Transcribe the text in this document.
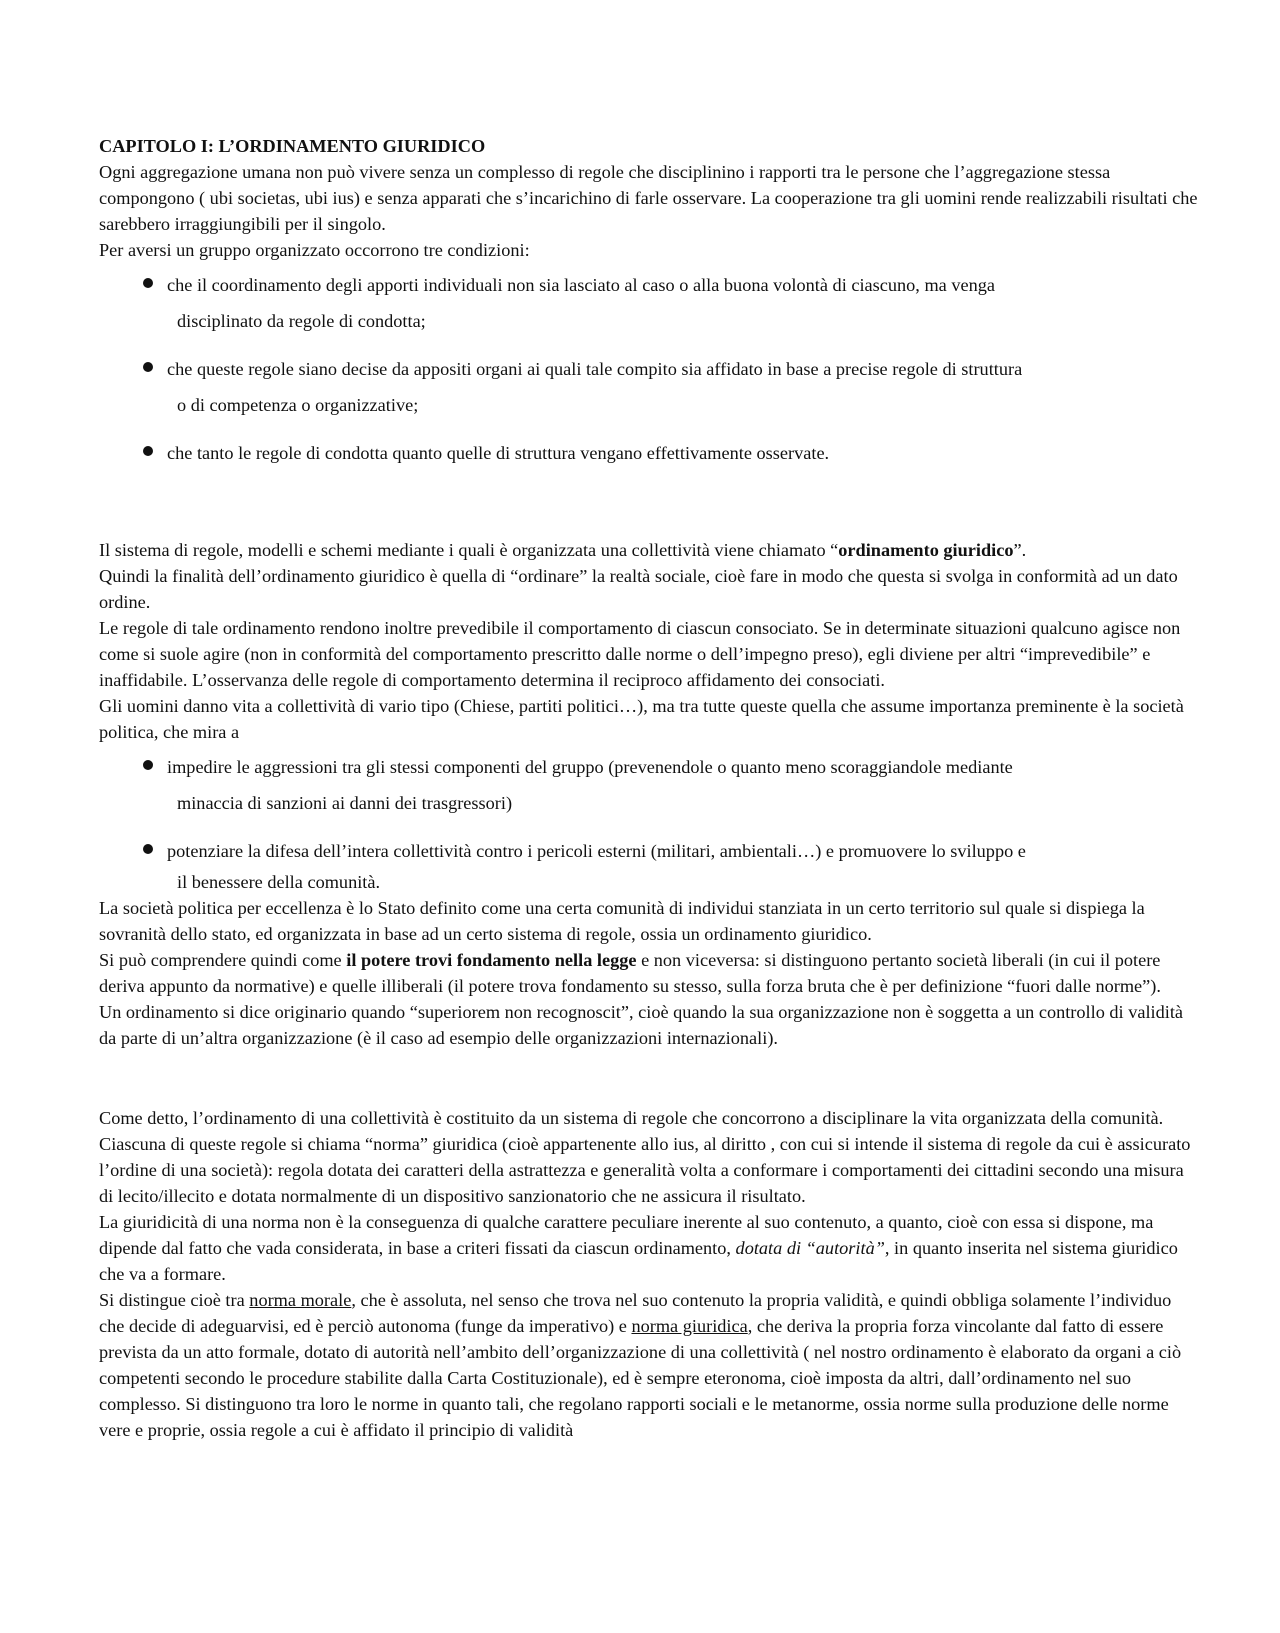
CAPITOLO I: L’ORDINAMENTO GIURIDICO

Ogni aggregazione umana non può vivere senza un complesso di regole che disciplinino i rapporti tra le persone che l’aggregazione stessa compongono ( ubi societas, ubi ius) e senza apparati che s’incarichino di farle osservare. La cooperazione tra gli uomini rende realizzabili risultati che sarebbero irraggiungibili per il singolo.

Per aversi un gruppo organizzato occorrono tre condizioni:

che il coordinamento degli apporti individuali non sia lasciato al caso o alla buona volontà di ciascuno, ma venga
disciplinato da regole di condotta;
che queste regole siano decise da appositi organi ai quali tale compito sia affidato in base a precise regole di struttura
o di competenza o organizzative;
che tanto le regole di condotta quanto quelle di struttura vengano effettivamente osservate.

Il sistema di regole, modelli e schemi mediante i quali è organizzata una collettività viene chiamato “ordinamento giuridico”.

Quindi la finalità dell’ordinamento giuridico è quella di “ordinare” la realtà sociale, cioè fare in modo che questa si svolga in conformità ad un dato ordine.

Le regole di tale ordinamento rendono inoltre prevedibile il comportamento di ciascun consociato. Se in determinate situazioni qualcuno agisce non come si suole agire (non in conformità del comportamento prescritto dalle norme o dell’impegno preso), egli diviene per altri “imprevedibile” e inaffidabile. L’osservanza delle regole di comportamento determina il reciproco affidamento dei consociati.

Gli uomini danno vita a collettività di vario tipo (Chiese, partiti politici…), ma tra tutte queste quella che assume importanza preminente è la società politica, che mira a

impedire le aggressioni tra gli stessi componenti del gruppo (prevenendole o quanto meno scoraggiandole mediante
minaccia di sanzioni ai danni dei trasgressori)
potenziare la difesa dell’intera collettività contro i pericoli esterni (militari, ambientali…) e promuovere lo sviluppo e
il benessere della comunità.

La società politica per eccellenza è lo Stato definito come una certa comunità di individui stanziata in un certo territorio sul quale si dispiega la sovranità dello stato, ed organizzata in base ad un certo sistema di regole, ossia un ordinamento giuridico.

Si può comprendere quindi come il potere trovi fondamento nella legge e non viceversa: si distinguono pertanto società liberali (in cui il potere deriva appunto da normative) e quelle illiberali (il potere trova fondamento su stesso, sulla forza bruta che è per definizione “fuori dalle norme”).

Un ordinamento si dice originario quando “superiorem non recognoscit”, cioè quando la sua organizzazione non è soggetta a un controllo di validità da parte di un’altra organizzazione (è il caso ad esempio delle organizzazioni internazionali).

Come detto, l’ordinamento di una collettività è costituito da un sistema di regole che concorrono a disciplinare la vita organizzata della comunità.

Ciascuna di queste regole si chiama “norma” giuridica (cioè appartenente allo ius, al diritto , con cui si intende il sistema di regole da cui è assicurato l’ordine di una società): regola dotata dei caratteri della astrattezza e generalità volta a conformare i comportamenti dei cittadini secondo una misura di lecito/illecito e dotata normalmente di un dispositivo sanzionatorio che ne assicura il risultato.

La giuridicità di una norma non è la conseguenza di qualche carattere peculiare inerente al suo contenuto, a quanto, cioè con essa si dispone, ma dipende dal fatto che vada considerata, in base a criteri fissati da ciascun ordinamento, dotata di “autorità”, in quanto inserita nel sistema giuridico che va a formare.

Si distingue cioè tra norma morale, che è assoluta, nel senso che trova nel suo contenuto la propria validità, e quindi obbliga solamente l’individuo che decide di adeguarvisi, ed è perciò autonoma (funge da imperativo) e norma giuridica, che deriva la propria forza vincolante dal fatto di essere prevista da un atto formale, dotato di autorità nell’ambito dell’organizzazione di una collettività ( nel nostro ordinamento è elaborato da organi a ciò competenti secondo le procedure stabilite dalla Carta Costituzionale), ed è sempre eteronoma, cioè imposta da altri, dall’ordinamento nel suo complesso. Si distinguono tra loro le norme in quanto tali, che regolano rapporti sociali e le metanorme, ossia norme sulla produzione delle norme vere e proprie, ossia regole a cui è affidato il principio di validità
